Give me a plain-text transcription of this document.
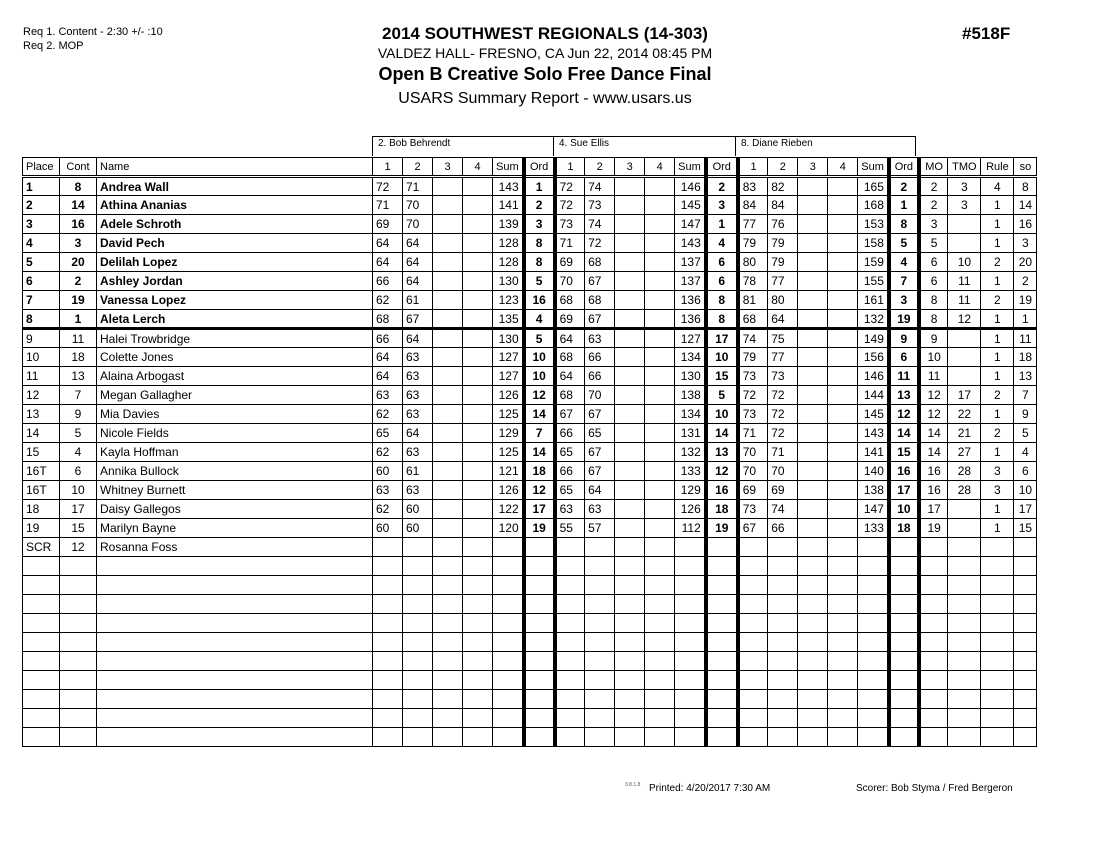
Req 1. Content - 2:30 +/- :10
Req 2. MOP
2014 SOUTHWEST REGIONALS (14-303)
VALDEZ HALL- FRESNO, CA Jun 22, 2014 08:45 PM
Open B Creative Solo Free Dance Final
USARS Summary Report - www.usars.us
#518F
2. Bob Behrendt	4. Sue Ellis	8. Diane Rieben
Place	Cont	Name	1	2	3	4	Sum	Ord	1	2	3	4	Sum	Ord	1	2	3	4	Sum	Ord	MO	TMO	Rule	so
1	8	Andrea Wall	72	71			143	1	72	74			146	2	83	82			165	2	2	3	4	8
2	14	Athina Ananias	71	70			141	2	72	73			145	3	84	84			168	1	2	3	1	14
3	16	Adele Schroth	69	70			139	3	73	74			147	1	77	76			153	8	3		1	16
4	3	David Pech	64	64			128	8	71	72			143	4	79	79			158	5	5		1	3
5	20	Delilah Lopez	64	64			128	8	69	68			137	6	80	79			159	4	6	10	2	20
6	2	Ashley Jordan	66	64			130	5	70	67			137	6	78	77			155	7	6	11	1	2
7	19	Vanessa Lopez	62	61			123	16	68	68			136	8	81	80			161	3	8	11	2	19
8	1	Aleta Lerch	68	67			135	4	69	67			136	8	68	64			132	19	8	12	1	1
9	11	Halei Trowbridge	66	64			130	5	64	63			127	17	74	75			149	9	9		1	11
10	18	Colette Jones	64	63			127	10	68	66			134	10	79	77			156	6	10		1	18
11	13	Alaina Arbogast	64	63			127	10	64	66			130	15	73	73			146	11	11		1	13
12	7	Megan Gallagher	63	63			126	12	68	70			138	5	72	72			144	13	12	17	2	7
13	9	Mia Davies	62	63			125	14	67	67			134	10	73	72			145	12	12	22	1	9
14	5	Nicole Fields	65	64			129	7	66	65			131	14	71	72			143	14	14	21	2	5
15	4	Kayla Hoffman	62	63			125	14	65	67			132	13	70	71			141	15	14	27	1	4
16T	6	Annika Bullock	60	61			121	18	66	67			133	12	70	70			140	16	16	28	3	6
16T	10	Whitney Burnett	63	63			126	12	65	64			129	16	69	69			138	17	16	28	3	10
18	17	Daisy Gallegos	62	60			122	17	63	63			126	18	73	74			147	10	17		1	17
19	15	Marilyn Bayne	60	60			120	19	55	57			112	19	67	66			133	18	19		1	15
SCR	12	Rosanna Foss																						

3.8.1.8 Printed: 4/20/2017 7:30 AM	Scorer: Bob Styma / Fred Bergeron
